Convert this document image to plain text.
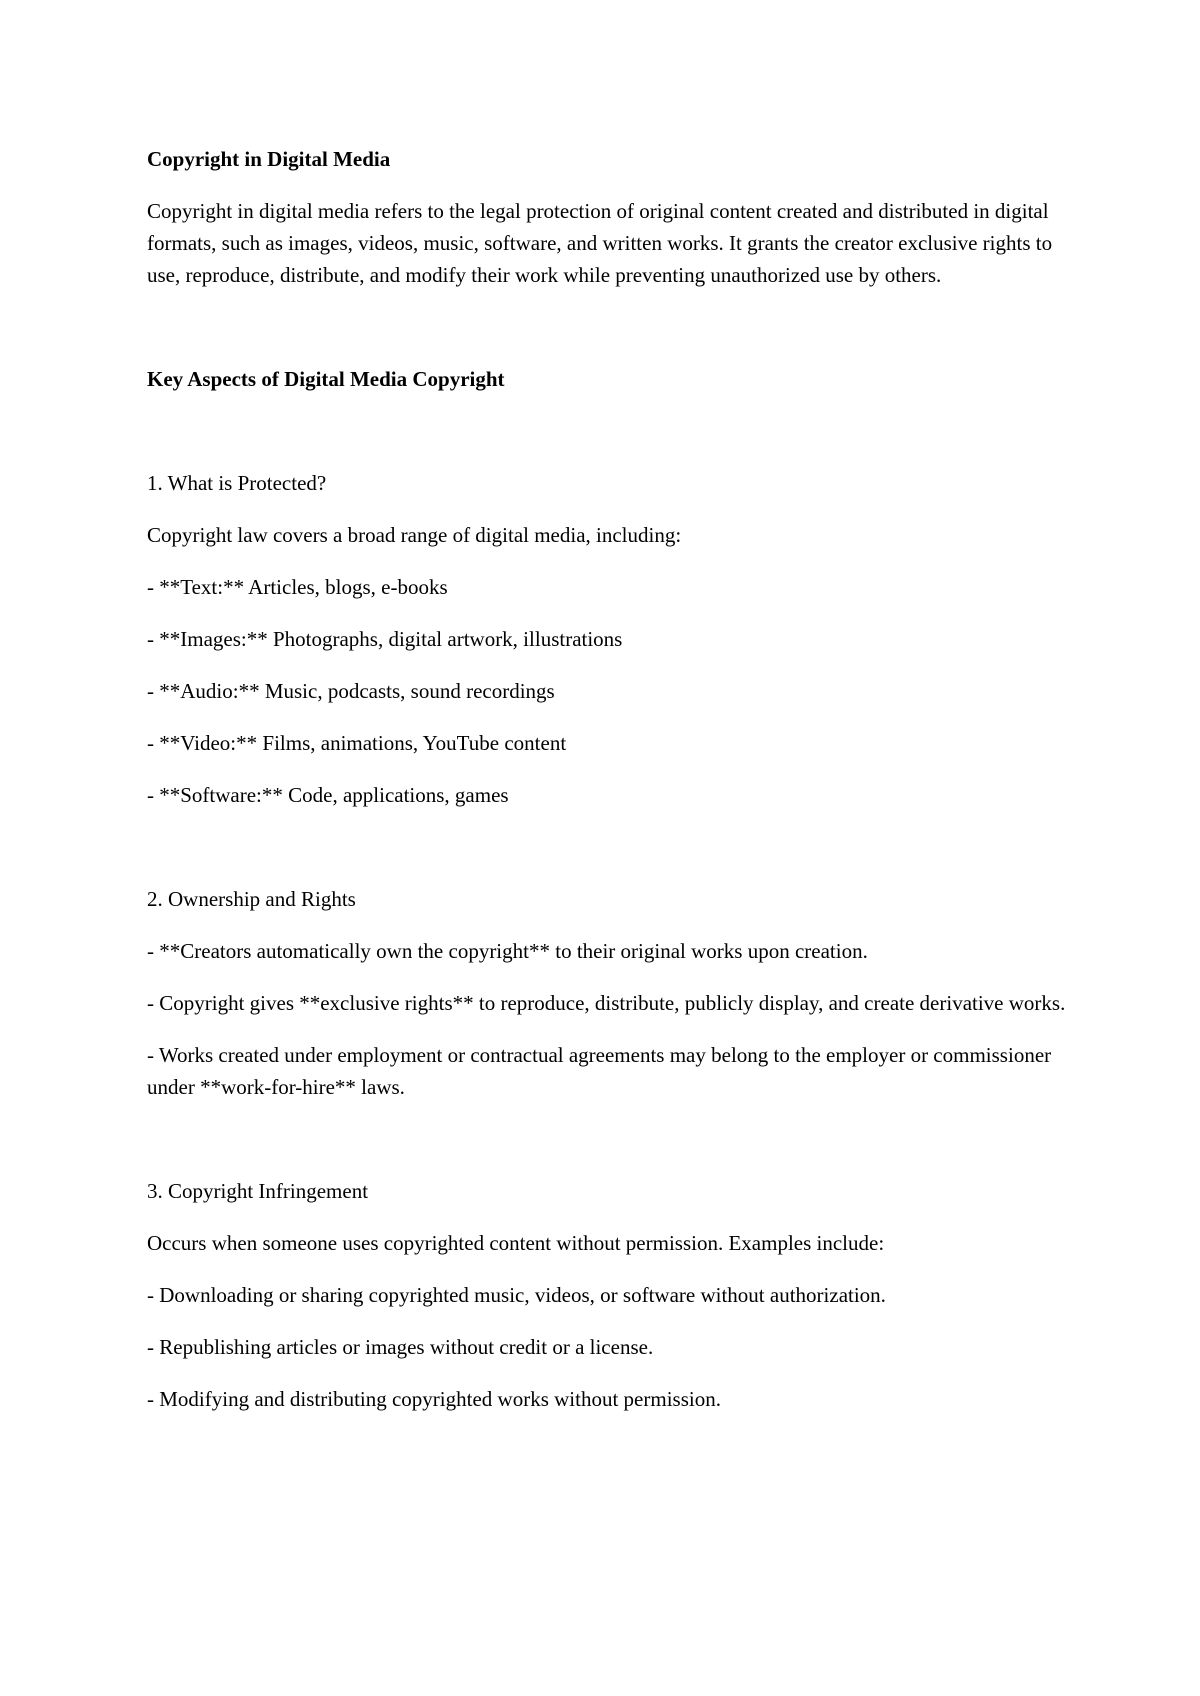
Copyright in Digital Media

Copyright in digital media refers to the legal protection of original content created and distributed in digital formats, such as images, videos, music, software, and written works. It grants the creator exclusive rights to use, reproduce, distribute, and modify their work while preventing unauthorized use by others.

Key Aspects of Digital Media Copyright

1. What is Protected?

Copyright law covers a broad range of digital media, including:

- **Text:** Articles, blogs, e-books

- **Images:** Photographs, digital artwork, illustrations

- **Audio:** Music, podcasts, sound recordings

- **Video:** Films, animations, YouTube content

- **Software:** Code, applications, games

2. Ownership and Rights

- **Creators automatically own the copyright** to their original works upon creation.

- Copyright gives **exclusive rights** to reproduce, distribute, publicly display, and create derivative works.

- Works created under employment or contractual agreements may belong to the employer or commissioner under **work-for-hire** laws.

3. Copyright Infringement

Occurs when someone uses copyrighted content without permission. Examples include:

- Downloading or sharing copyrighted music, videos, or software without authorization.

- Republishing articles or images without credit or a license.

- Modifying and distributing copyrighted works without permission.
